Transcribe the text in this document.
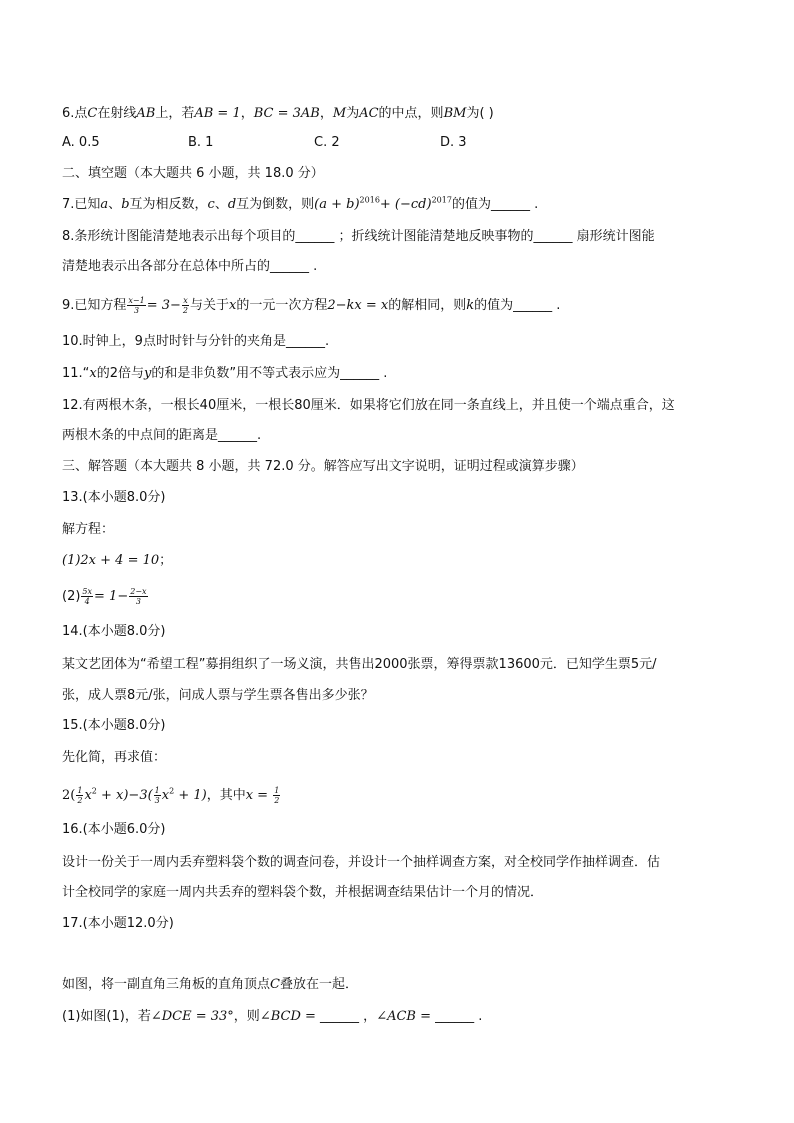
6.点C在射线AB上，若AB = 1，BC = 3AB，M为AC的中点，则BM为( )
A. 0.5	B. 1	C. 2	D. 3
二、填空题（本大题共 6 小题，共 18.0 分）
7.已知a、b互为相反数，c、d互为倒数，则$(a + b)^{2016}+ (-cd)^{2017}$的值为______ .
8.条形统计图能清楚地表示出每个项目的______ ；折线统计图能清楚地反映事物的______ 扇形统计图能
清楚地表示出各部分在总体中所占的______ .
9.已知方程 $\frac{x-1}{3} = 3- \frac{x}{2}$ 与关于x的一元一次方程2−kx = x的解相同，则k的值为______ .
10.时钟上，9点时时针与分针的夹角是______.
11.“x的2倍与y的和是非负数”用不等式表示应为______ .
12.有两根木条，一根长40厘米，一根长80厘米．如果将它们放在同一条直线上，并且使一个端点重合，这
两根木条的中点间的距离是______.
三、解答题（本大题共 8 小题，共 72.0 分。解答应写出文字说明，证明过程或演算步骤）
13.(本小题8.0分)
解方程：
(1)2x + 4 = 10；
$(2) \frac{5x}{4} = 1- \frac{2-x}{3}$
14.(本小题8.0分)
某文艺团体为“希望工程”募捐组织了一场义演，共售出2000张票，筹得票款13600元．已知学生票5元/
张，成人票8元/张，问成人票与学生票各售出多少张？
15.(本小题8.0分)
先化简，再求值：
$2( \frac{1}{2} x^2 + x)-3( \frac{1}{3} x^2 + 1)$，其中$x = \frac{1}{2}$
16.(本小题6.0分)
设计一份关于一周内丢弃塑料袋个数的调查问卷，并设计一个抽样调查方案，对全校同学作抽样调查．估
计全校同学的家庭一周内共丢弃的塑料袋个数，并根据调查结果估计一个月的情况．
17.(本小题12.0分)
如图，将一副直角三角板的直角顶点C叠放在一起．
(1)如图(1)，若∠DCE = 33°，则∠BCD = ______ ，∠ACB = ______ .
